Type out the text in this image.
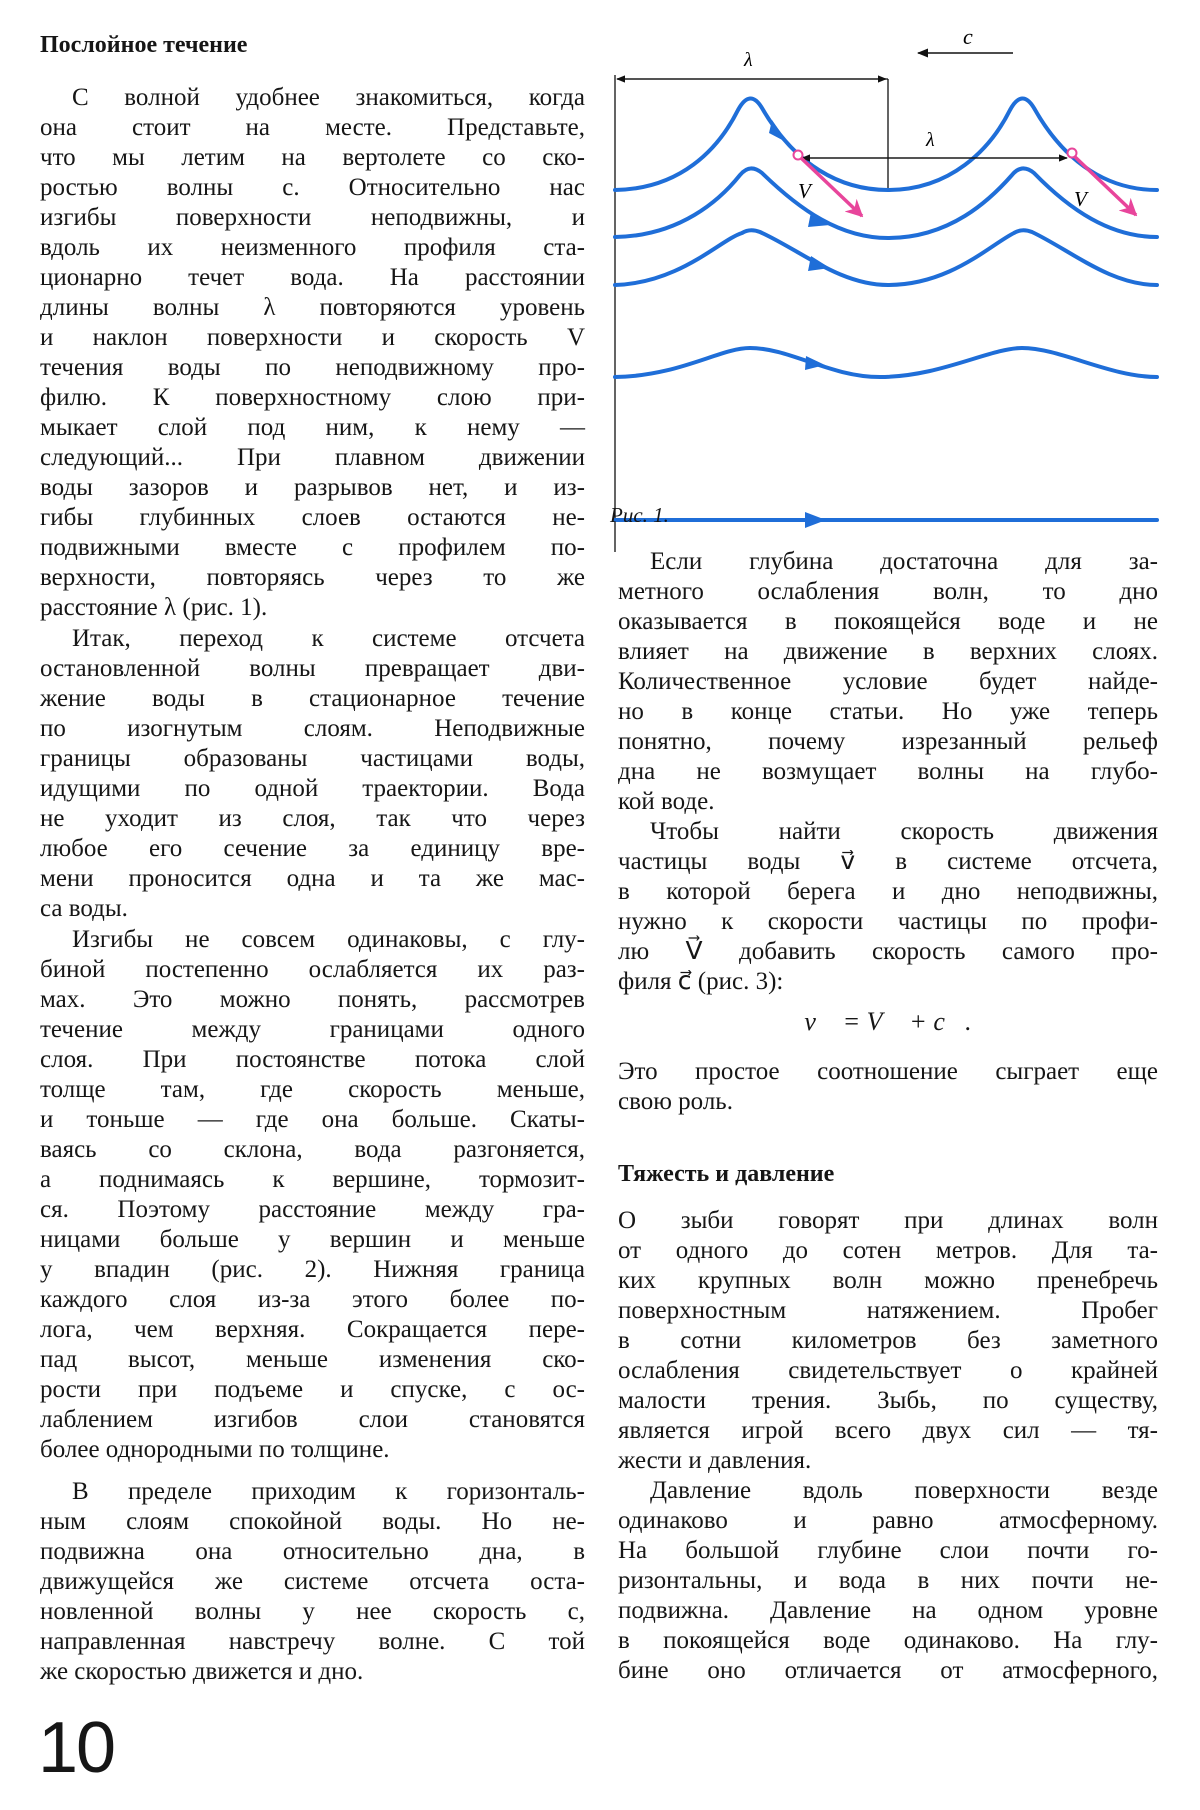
Послойное течение
С волной удобнее знакомиться, когда
она стоит на месте. Представьте,
что мы летим на вертолете со ско-
ростью волны c. Относительно нас
изгибы поверхности неподвижны, и
вдоль их неизменного профиля ста-
ционарно течет вода. На расстоянии
длины волны λ повторяются уровень
и наклон поверхности и скорость V
течения воды по неподвижному про-
филю. К поверхностному слою при-
мыкает слой под ним, к нему —
следующий... При плавном движении
воды зазоров и разрывов нет, и из-
гибы глубинных слоев остаются не-
подвижными вместе с профилем по-
верхности, повторяясь через то же
расстояние λ (рис. 1).
Итак, переход к системе отсчета
остановленной волны превращает дви-
жение воды в стационарное течение
по изогнутым слоям. Неподвижные
границы образованы частицами воды,
идущими по одной траектории. Вода
не уходит из слоя, так что через
любое его сечение за единицу вре-
мени проносится одна и та же мас-
са воды.
Изгибы не совсем одинаковы, с глу-
биной постепенно ослабляется их раз-
мах. Это можно понять, рассмотрев
течение между границами одного
слоя. При постоянстве потока слой
толще там, где скорость меньше,
и тоньше — где она больше. Скаты-
ваясь со склона, вода разгоняется,
а поднимаясь к вершине, тормозит-
ся. Поэтому расстояние между гра-
ницами больше у вершин и меньше
у впадин (рис. 2). Нижняя граница
каждого слоя из-за этого более по-
лога, чем верхняя. Сокращается пере-
пад высот, меньше изменения ско-
рости при подъеме и спуске, с ос-
лаблением изгибов слои становятся
более однородными по толщине.
В пределе приходим к горизонталь-
ным слоям спокойной воды. Но не-
подвижна она относительно дна, в
движущейся же системе отсчета оста-
новленной волны у нее скорость c,
направленная навстречу волне. С той
же скоростью движется и дно.
λ
c
λ
V	V
Рис. 1.
Если глубина достаточна для за-
метного ослабления волн, то дно
оказывается в покоящейся воде и не
влияет на движение в верхних слоях.
Количественное условие будет найде-
но в конце статьи. Но уже теперь
понятно, почему изрезанный рельеф
дна не возмущает волны на глубо-
кой воде.
Чтобы найти скорость движения
частицы воды v⃗ в системе отсчета,
в которой берега и дно неподвижны,
нужно к скорости частицы по профи-
лю V⃗ добавить скорость самого про-
филя c⃗ (рис. 3):
v⃗ = V⃗ + c⃗.
Это простое соотношение сыграет еще
свою роль.
Тяжесть и давление
О зыби говорят при длинах волн
от одного до сотен метров. Для та-
ких крупных волн можно пренебречь
поверхностным натяжением. Пробег
в сотни километров без заметного
ослабления свидетельствует о крайней
малости трения. Зыбь, по существу,
является игрой всего двух сил — тя-
жести и давления.
Давление вдоль поверхности везде
одинаково и равно атмосферному.
На большой глубине слои почти го-
ризонтальны, и вода в них почти не-
подвижна. Давление на одном уровне
в покоящейся воде одинаково. На глу-
бине оно отличается от атмосферного,
10
